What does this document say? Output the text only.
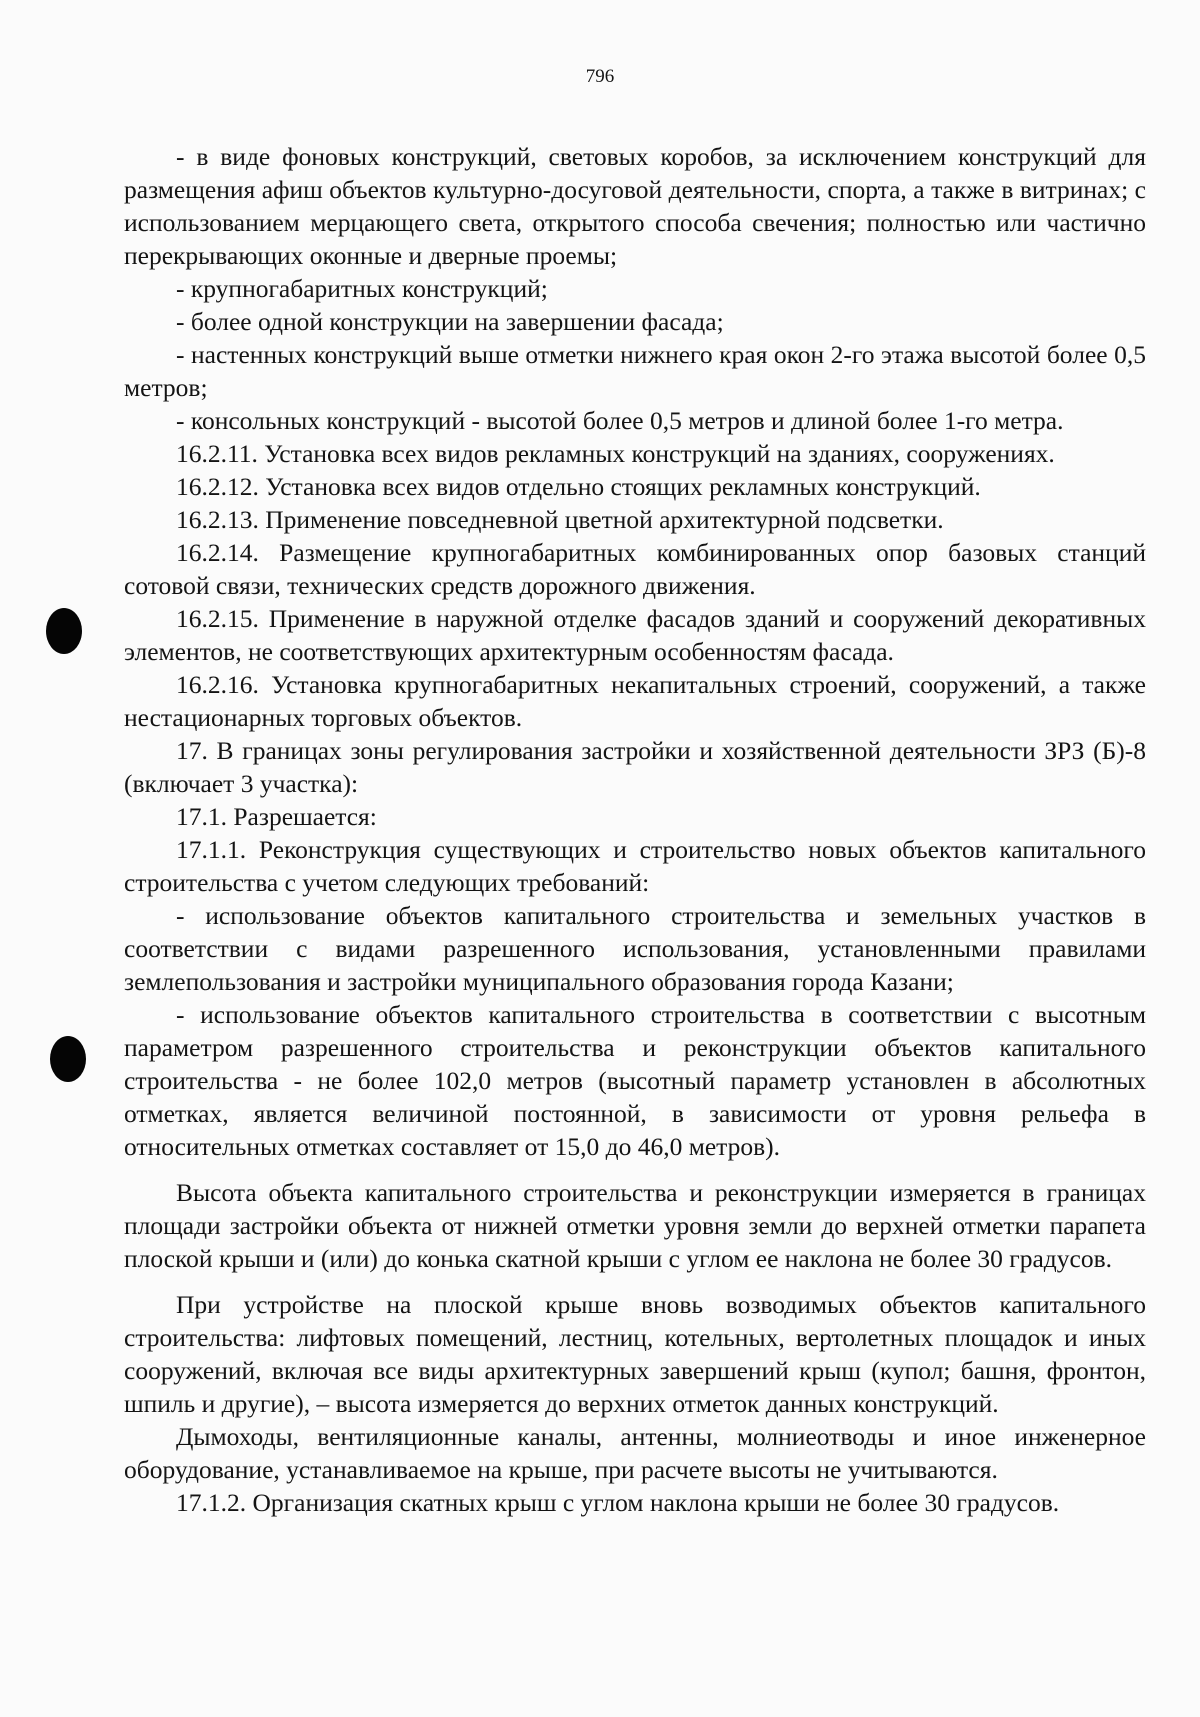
796

- в виде фоновых конструкций, световых коробов, за исключением конструкций для размещения афиш объектов культурно-досуговой деятельности, спорта, а также в витринах; с использованием мерцающего света, открытого способа свечения; полностью или частично перекрывающих оконные и дверные проемы;

- крупногабаритных конструкций;

- более одной конструкции на завершении фасада;

- настенных конструкций выше отметки нижнего края окон 2-го этажа высотой более 0,5 метров;

- консольных конструкций - высотой более 0,5 метров и длиной более 1-го метра.

16.2.11. Установка всех видов рекламных конструкций на зданиях, сооружениях.

16.2.12. Установка всех видов отдельно стоящих рекламных конструкций.

16.2.13. Применение повседневной цветной архитектурной подсветки.

16.2.14. Размещение крупногабаритных комбинированных опор базовых станций сотовой связи, технических средств дорожного движения.

16.2.15. Применение в наружной отделке фасадов зданий и сооружений декоративных элементов, не соответствующих архитектурным особенностям фасада.

16.2.16. Установка крупногабаритных некапитальных строений, сооружений, а также нестационарных торговых объектов.

17. В границах зоны регулирования застройки и хозяйственной деятельности ЗРЗ (Б)-8 (включает 3 участка):

17.1. Разрешается:

17.1.1. Реконструкция существующих и строительство новых объектов капитального строительства с учетом следующих требований:

- использование объектов капитального строительства и земельных участков в соответствии с видами разрешенного использования, установленными правилами землепользования и застройки муниципального образования города Казани;

- использование объектов капитального строительства в соответствии с высотным параметром разрешенного строительства и реконструкции объектов капитального строительства - не более 102,0 метров (высотный параметр установлен в абсолютных отметках, является величиной постоянной, в зависимости от уровня рельефа в относительных отметках составляет от 15,0 до 46,0 метров).

Высота объекта капитального строительства и реконструкции измеряется в границах площади застройки объекта от нижней отметки уровня земли до верхней отметки парапета плоской крыши и (или) до конька скатной крыши с углом ее наклона не более 30 градусов.

При устройстве на плоской крыше вновь возводимых объектов капитального строительства: лифтовых помещений, лестниц, котельных, вертолетных площадок и иных сооружений, включая все виды архитектурных завершений крыш (купол; башня, фронтон, шпиль и другие), – высота измеряется до верхних отметок данных конструкций.

Дымоходы, вентиляционные каналы, антенны, молниеотводы и иное инженерное оборудование, устанавливаемое на крыше, при расчете высоты не учитываются.

17.1.2. Организация скатных крыш с углом наклона крыши не более 30 градусов.
